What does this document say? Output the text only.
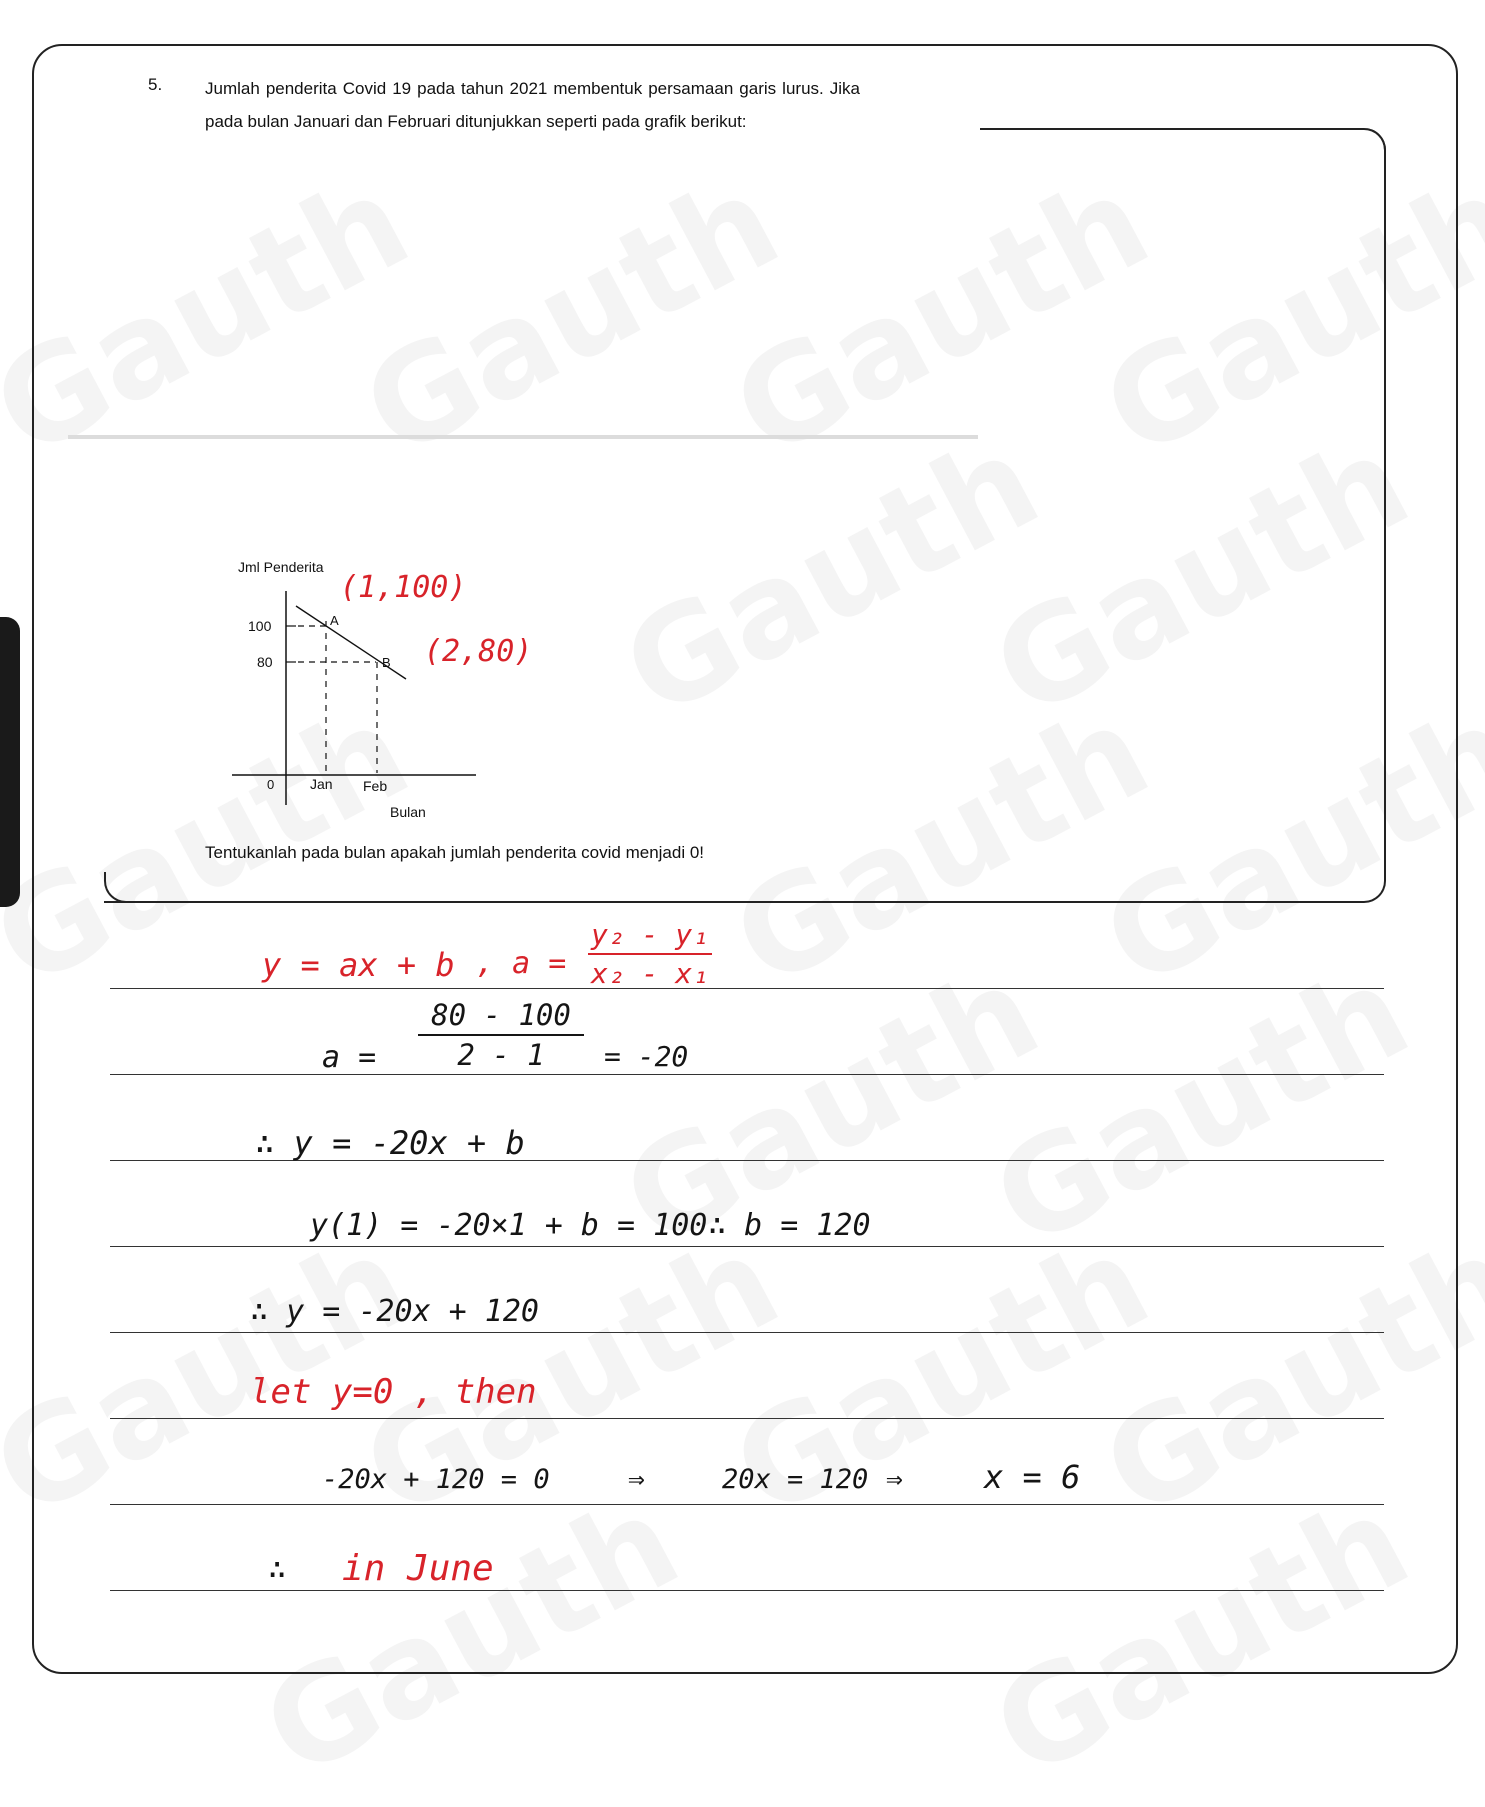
5.	Jumlah penderita Covid 19 pada tahun 2021 membentuk persamaan garis lurus. Jika pada bulan Januari dan Februari ditunjukkan seperti pada grafik berikut:
Jml Penderita
100
80
A
B
0	Jan Feb
Bulan
(1,100)
(2,80)
Tentukanlah pada bulan apakah jumlah penderita covid menjadi 0!
y = ax + b , a =
y₂ - y₁
x₂ - x₁
a =
80 - 100
2 - 1	= -20
∴ y = -20x + b
y(1) = -20×1 + b = 100 ∴ b = 120
∴ y = -20x + 120
let y=0 , then
-20x + 120 = 0	⇒	20x = 120 ⇒	x = 6
∴ in June
